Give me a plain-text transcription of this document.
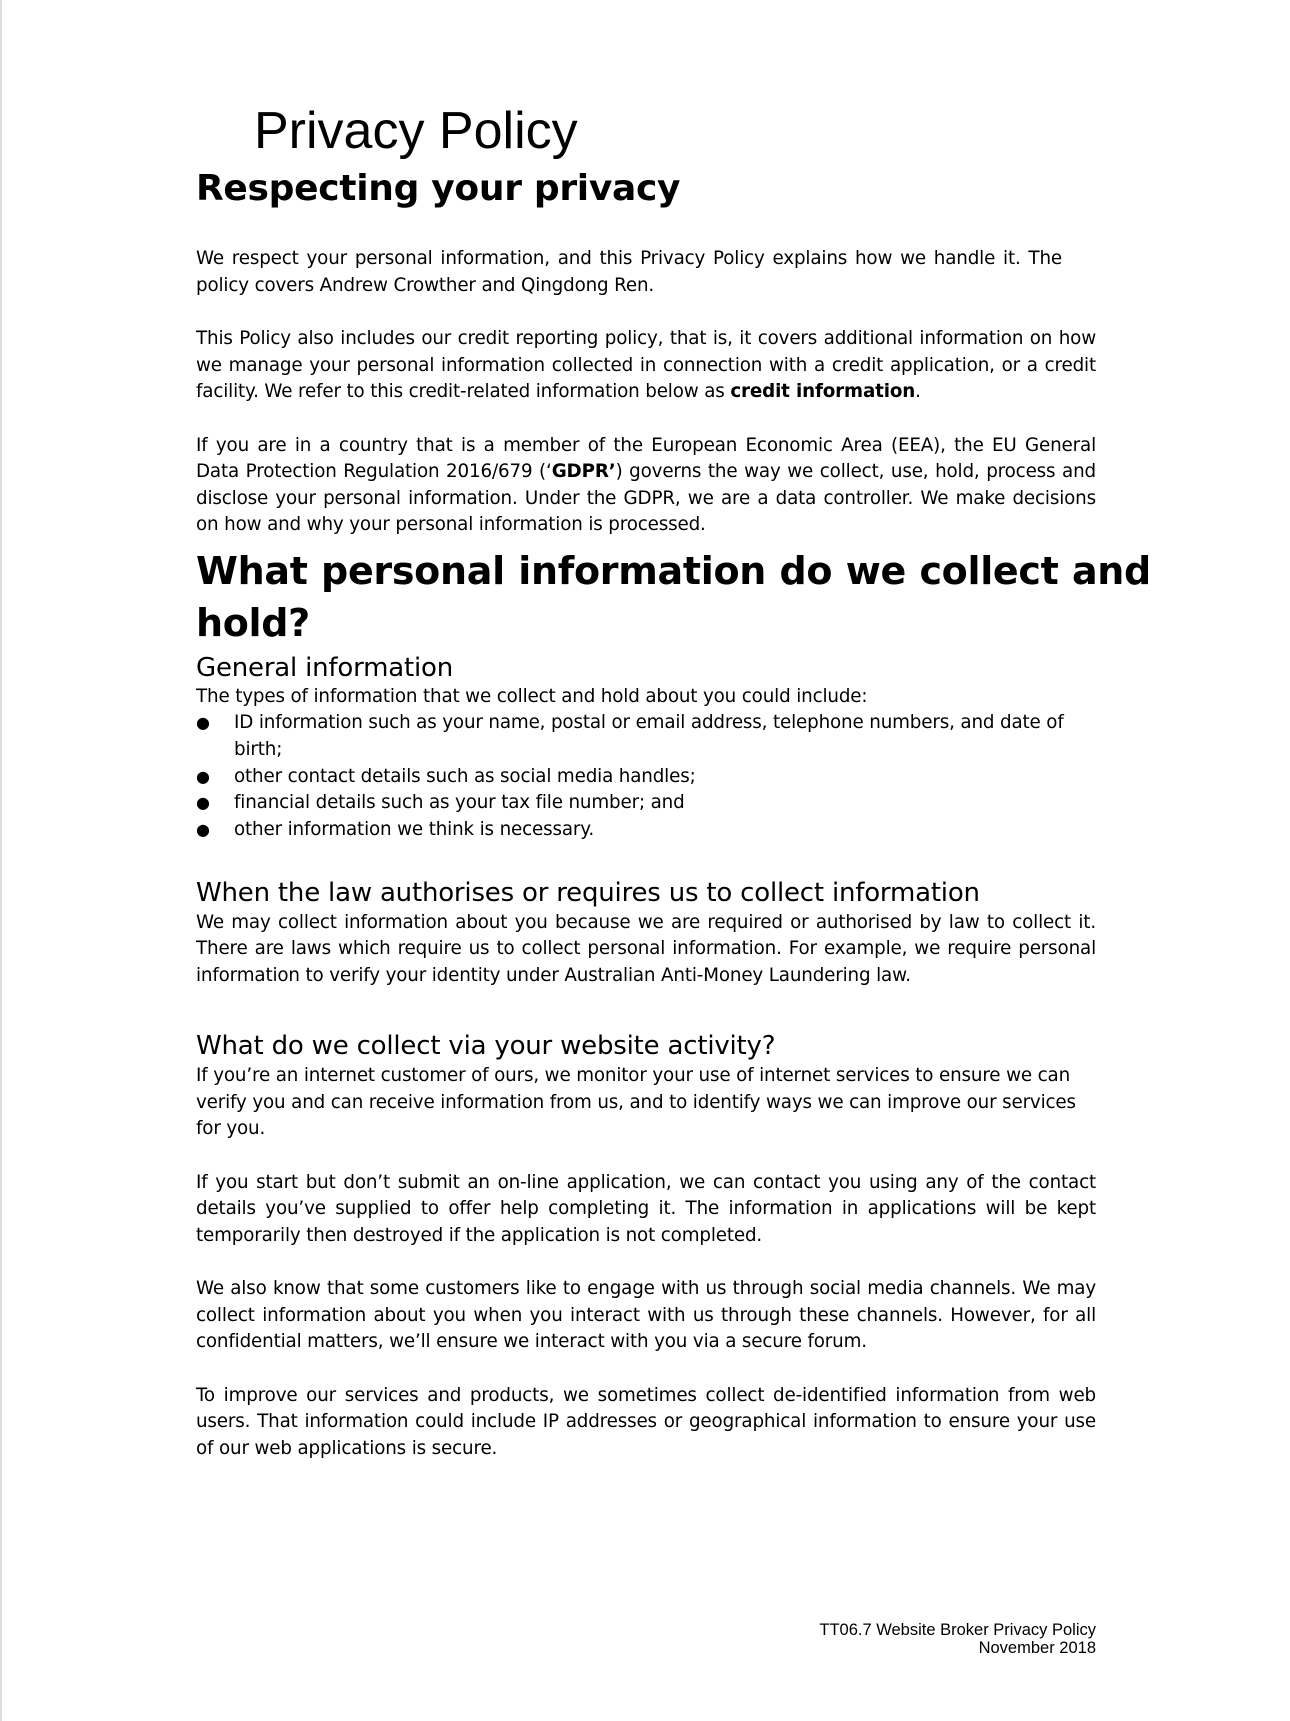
Privacy Policy
Respecting your privacy

We respect your personal information, and this Privacy Policy explains how we handle it. The policy covers Andrew Crowther and Qingdong Ren.

This Policy also includes our credit reporting policy, that is, it covers additional information on how we manage your personal information collected in connection with a credit application, or a credit facility. We refer to this credit-related information below as credit information.

If you are in a country that is a member of the European Economic Area (EEA), the EU General Data Protection Regulation 2016/679 (‘GDPR’) governs the way we collect, use, hold, process and disclose your personal information. Under the GDPR, we are a data controller. We make decisions on how and why your personal information is processed.

What personal information do we collect and
hold?
General information

The types of information that we collect and hold about you could include:

● ID information such as your name, postal or email address, telephone numbers, and date of birth;
● other contact details such as social media handles;
● financial details such as your tax file number; and
● other information we think is necessary.
When the law authorises or requires us to collect information

We may collect information about you because we are required or authorised by law to collect it. There are laws which require us to collect personal information. For example, we require personal information to verify your identity under Australian Anti-Money Laundering law.

What do we collect via your website activity?

If you’re an internet customer of ours, we monitor your use of internet services to ensure we can verify you and can receive information from us, and to identify ways we can improve our services for you.

If you start but don’t submit an on-line application, we can contact you using any of the contact details you’ve supplied to offer help completing it. The information in applications will be kept temporarily then destroyed if the application is not completed.

We also know that some customers like to engage with us through social media channels. We may collect information about you when you interact with us through these channels. However, for all confidential matters, we’ll ensure we interact with you via a secure forum.

To improve our services and products, we sometimes collect de-identified information from web users. That information could include IP addresses or geographical information to ensure your use of our web applications is secure.

TT06.7 Website Broker Privacy Policy
November 2018
